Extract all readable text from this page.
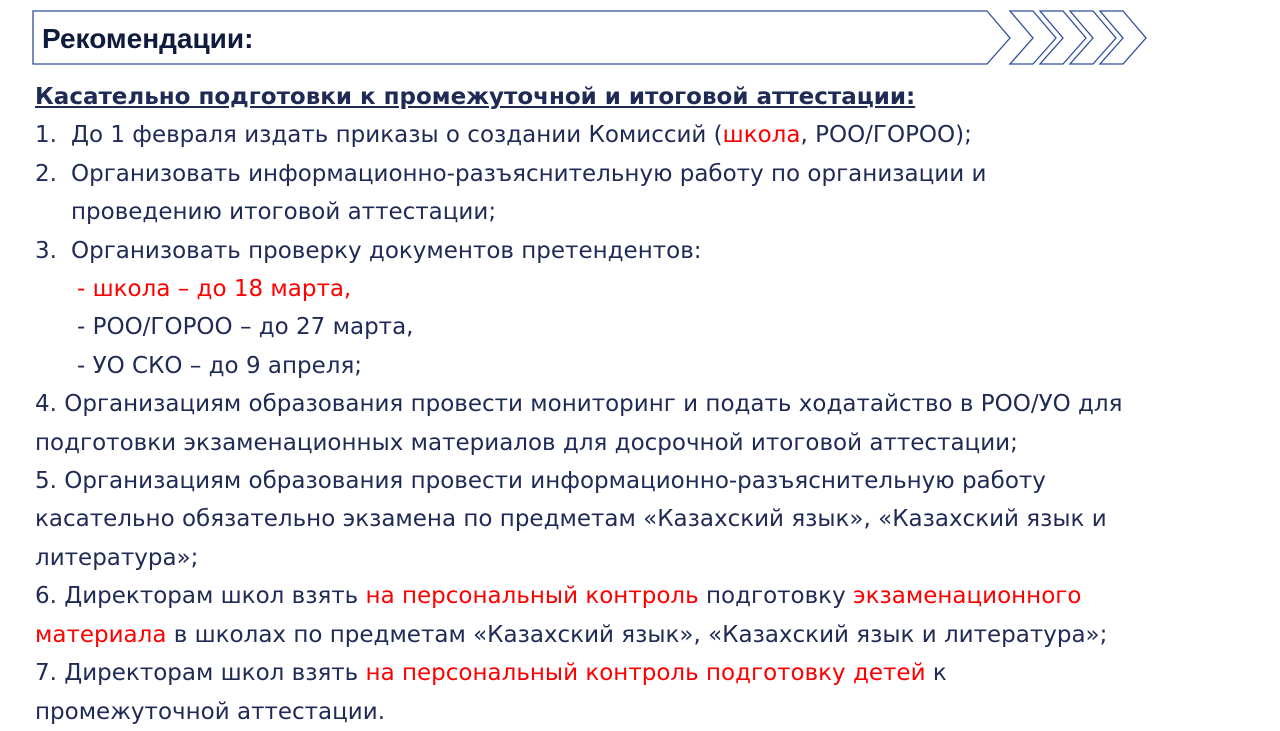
Рекомендации:
Касательно подготовки к промежуточной и итоговой аттестации:
1. До 1 февраля издать приказы о создании Комиссий (школа, РОО/ГОРОО);
2. Организовать информационно-разъяснительную работу по организации и
проведению итоговой аттестации;
3. Организовать проверку документов претендентов:
- школа – до 18 марта,
- РОО/ГОРОО – до 27 марта,
- УО СКО – до 9 апреля;
4. Организациям образования провести мониторинг и подать ходатайство в РОО/УО для
подготовки экзаменационных материалов для досрочной итоговой аттестации;
5. Организациям образования провести информационно-разъяснительную работу
касательно обязательно экзамена по предметам «Казахский язык», «Казахский язык и
литература»;
6. Директорам школ взять на персональный контроль подготовку экзаменационного
материала в школах по предметам «Казахский язык», «Казахский язык и литература»;
7. Директорам школ взять на персональный контроль подготовку детей к
промежуточной аттестации.
